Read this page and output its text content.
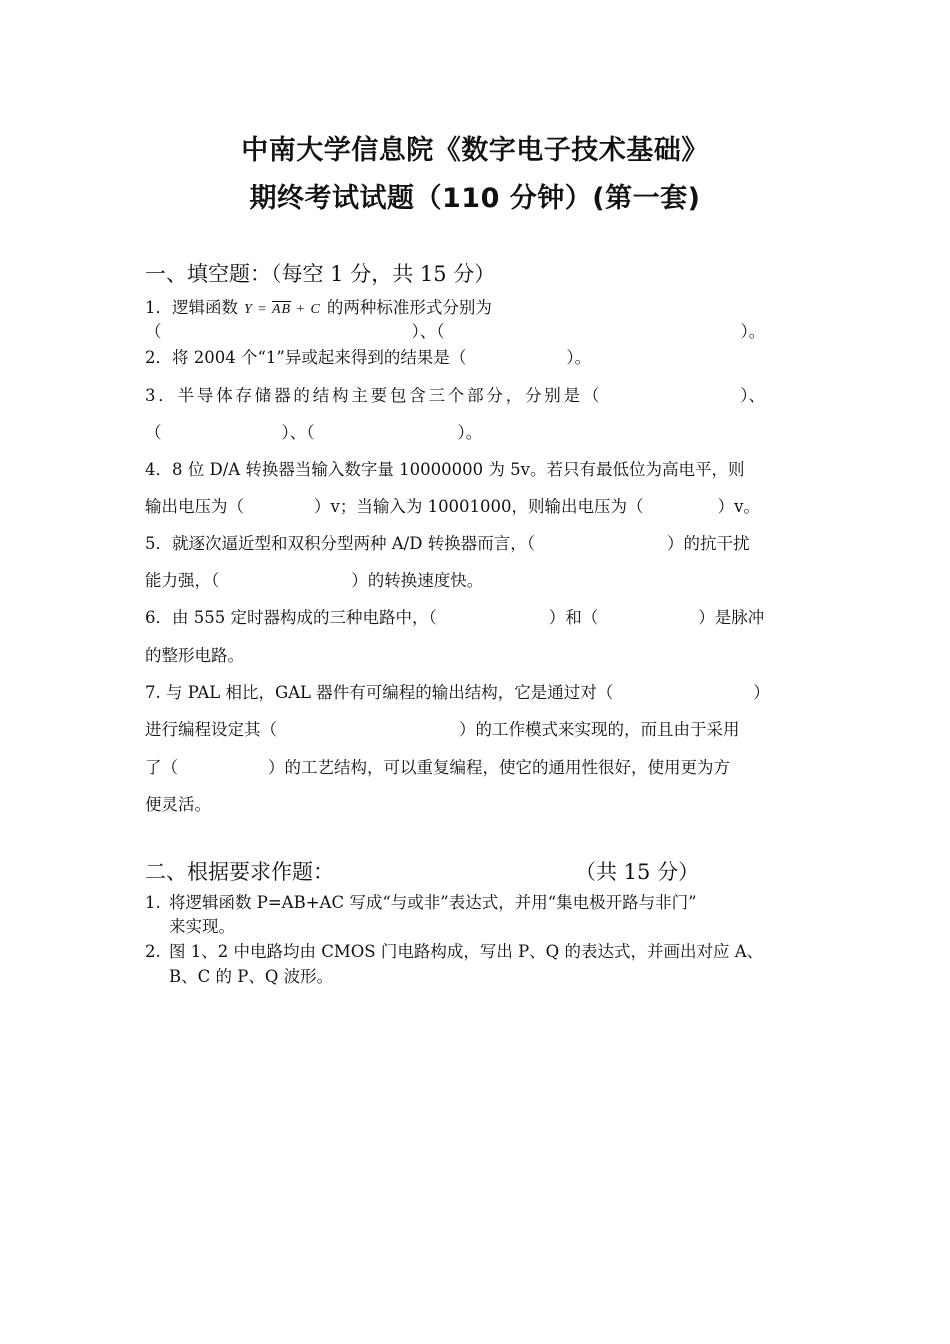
中南大学信息院《数字电子技术基础》
期终考试试题（110 分钟）(第一套)
一、填空题：（每空 1 分，共 15 分）
1．逻辑函数 $Y = \overline{AB} + C$ 的两种标准形式分别为
（	）、（	）。
2．将 2004 个“1”异或起来得到的结果是（	）。
3．半导体存储器的结构主要包含三个部分，分别是（	）、
（	）、（	）。
4．8 位 D/A 转换器当输入数字量 10000000 为 5v。若只有最低位为高电平，则
输出电压为（	）v；当输入为 10001000，则输出电压为（	）v。
5．就逐次逼近型和双积分型两种 A/D 转换器而言，（	）的抗干扰
能力强，（	）的转换速度快。
6．由 555 定时器构成的三种电路中，（	）和（	）是脉冲
的整形电路。
7. 与 PAL 相比，GAL 器件有可编程的输出结构，它是通过对（	）
进行编程设定其（	）的工作模式来实现的，而且由于采用
了（	）的工艺结构，可以重复编程，使它的通用性很好，使用更为方
便灵活。
二、根据要求作题：	（共 15 分）
1. 将逻辑函数 P=AB+AC 写成“与或非”表达式，并用“集电极开路与非门”
来实现。
2. 图 1、2 中电路均由 CMOS 门电路构成，写出 P、Q 的表达式，并画出对应 A、
B、C 的 P、Q 波形。
